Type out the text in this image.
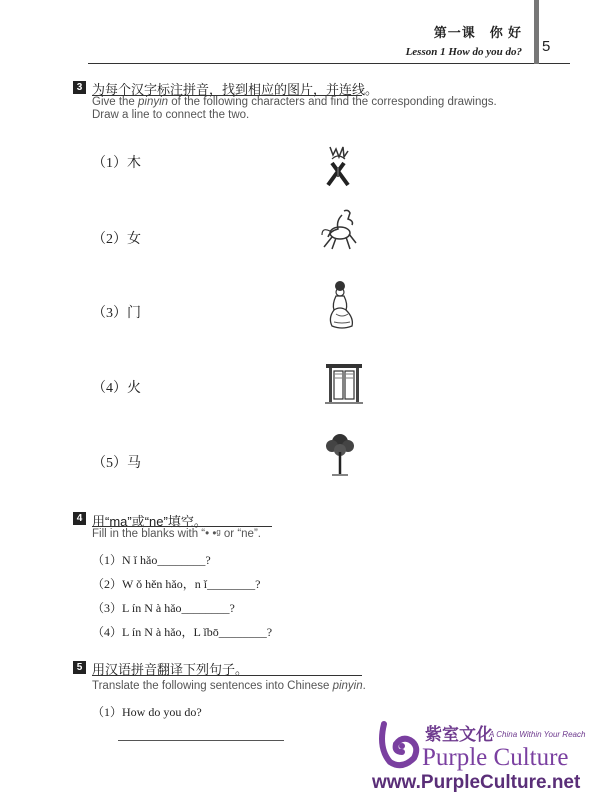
第一课　你 好
Lesson 1 How do you do? 5
3 为每个汉字标注拼音，找到相应的图片，并连线。
Give the pinyin of the following characters and find the corresponding drawings.
Draw a line to connect the two.
（1）木
（2）女
（3）门
（4）火
（5）马
4 用“ma”或“ne”填空。
Fill in the blanks with “• •ᵍ or “ne”.
（1）N ǐ hǎo________?
（2）W ǒ hěn hǎo，n ǐ________?
（3）L ín N à hǎo________?
（4）L ín N à hǎo，L ǐbō________?
5 用汉语拼音翻译下列句子。
Translate the following sentences into Chinese pinyin.
（1）How do you do?
紫室文化
A China Within Your Reach
Purple Culture
www.PurpleCulture.net
